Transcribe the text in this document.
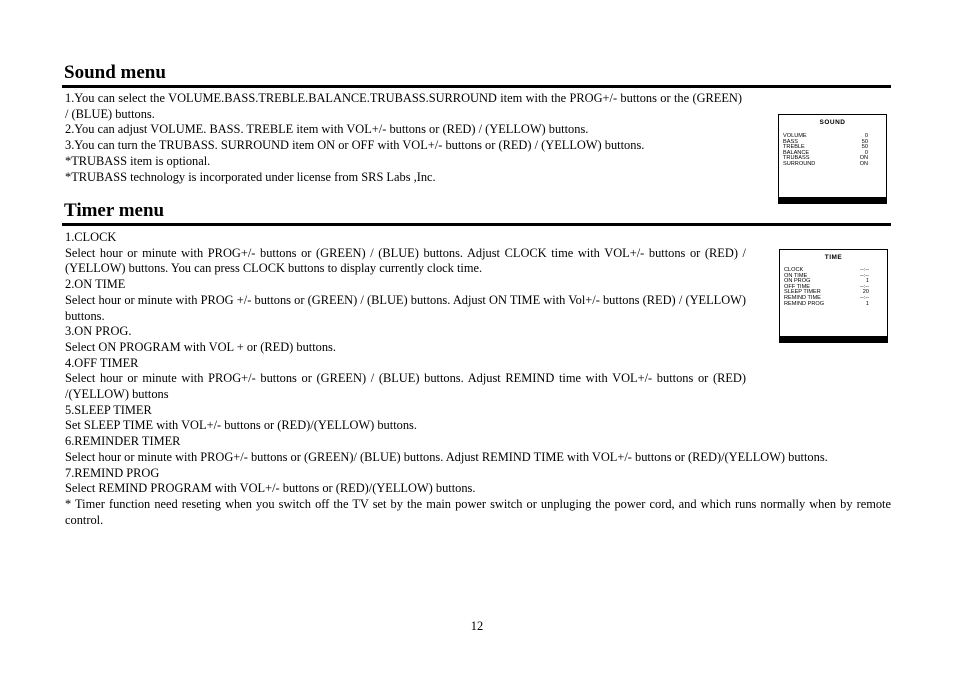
Sound menu

1.You can select the VOLUME.BASS.TREBLE.BALANCE.TRUBASS.SURROUND item with the PROG+/- buttons or the (GREEN) / (BLUE) buttons.

2.You can adjust VOLUME. BASS. TREBLE item with VOL+/- buttons or (RED) / (YELLOW) buttons.

3.You can turn the TRUBASS. SURROUND item ON or OFF with VOL+/- buttons or (RED) / (YELLOW) buttons.

*TRUBASS item is optional.

*TRUBASS technology is incorporated under license from SRS Labs ,Inc.

SOUND
VOLUME	0
BASS	50
TREBLE	50
BALANCE	0
TRUBASS	ON
SURROUND	ON
Timer menu

1.CLOCK

Select hour or minute with PROG+/- buttons or (GREEN) / (BLUE) buttons. Adjust CLOCK time with VOL+/- buttons or (RED) / (YELLOW) buttons. You can press CLOCK buttons to display currently clock time.

2.ON TIME

Select hour or minute with PROG +/- buttons or (GREEN) / (BLUE) buttons. Adjust ON TIME with Vol+/- buttons (RED) / (YELLOW) buttons.

3.ON PROG.

Select ON PROGRAM with VOL + or (RED) buttons.

4.OFF TIMER

Select hour or minute with PROG+/- buttons or (GREEN) / (BLUE) buttons. Adjust REMIND time with VOL+/- buttons or (RED) /(YELLOW) buttons

5.SLEEP TIMER

Set SLEEP TIME with VOL+/- buttons or (RED)/(YELLOW) buttons.

6.REMINDER TIMER

Select hour or minute with PROG+/- buttons or (GREEN)/ (BLUE) buttons. Adjust REMIND TIME with VOL+/- buttons or (RED)/(YELLOW) buttons.

7.REMIND PROG

Select REMIND PROGRAM with VOL+/- buttons or (RED)/(YELLOW) buttons.

* Timer function need reseting when you switch off the TV set by the main power switch or unpluging the power cord, and which runs normally when by remote control.

TIME
CLOCK	--:--
ON TIME	--:--
ON PROG	1
OFF TIME	--:--
SLEEP TIMER	20
REMIND TIME	--:--
REMIND PROG	1
12
